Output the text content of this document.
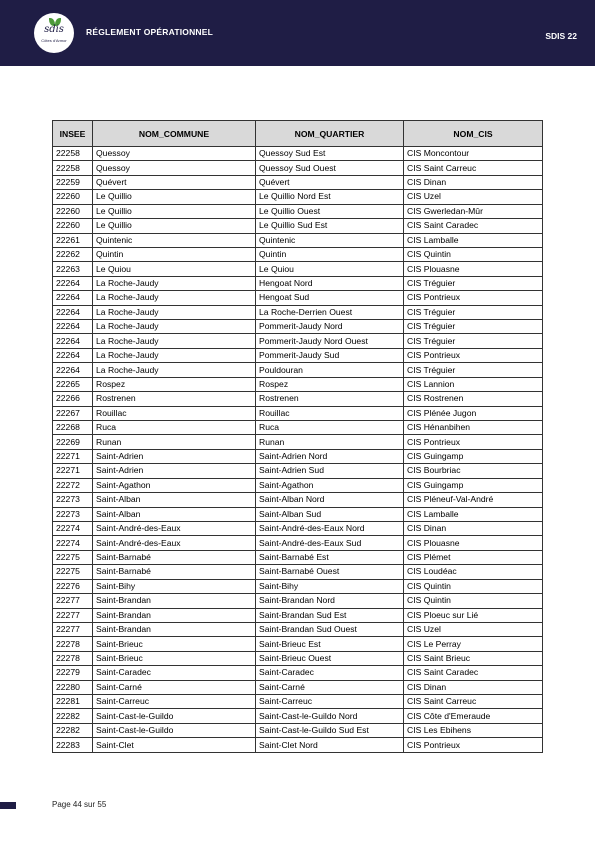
sdis
Côtes d'Armor
RÉGLEMENT OPÉRATIONNEL	SDIS 22
INSEE	NOM_COMMUNE	NOM_QUARTIER	NOM_CIS
22258	Quessoy	Quessoy Sud Est	CIS Moncontour
22258	Quessoy	Quessoy Sud Ouest	CIS Saint Carreuc
22259	Quévert	Quévert	CIS Dinan
22260	Le Quillio	Le Quillio Nord Est	CIS Uzel
22260	Le Quillio	Le Quillio Ouest	CIS Gwerledan-Mûr
22260	Le Quillio	Le Quillio Sud Est	CIS Saint Caradec
22261	Quintenic	Quintenic	CIS Lamballe
22262	Quintin	Quintin	CIS Quintin
22263	Le Quiou	Le Quiou	CIS Plouasne
22264	La Roche-Jaudy	Hengoat Nord	CIS Tréguier
22264	La Roche-Jaudy	Hengoat Sud	CIS Pontrieux
22264	La Roche-Jaudy	La Roche-Derrien Ouest	CIS Tréguier
22264	La Roche-Jaudy	Pommerit-Jaudy Nord	CIS Tréguier
22264	La Roche-Jaudy	Pommerit-Jaudy Nord Ouest	CIS Tréguier
22264	La Roche-Jaudy	Pommerit-Jaudy Sud	CIS Pontrieux
22264	La Roche-Jaudy	Pouldouran	CIS Tréguier
22265	Rospez	Rospez	CIS Lannion
22266	Rostrenen	Rostrenen	CIS Rostrenen
22267	Rouillac	Rouillac	CIS Plénée Jugon
22268	Ruca	Ruca	CIS Hénanbihen
22269	Runan	Runan	CIS Pontrieux
22271	Saint-Adrien	Saint-Adrien Nord	CIS Guingamp
22271	Saint-Adrien	Saint-Adrien Sud	CIS Bourbriac
22272	Saint-Agathon	Saint-Agathon	CIS Guingamp
22273	Saint-Alban	Saint-Alban Nord	CIS Pléneuf-Val-André
22273	Saint-Alban	Saint-Alban Sud	CIS Lamballe
22274	Saint-André-des-Eaux	Saint-André-des-Eaux Nord	CIS Dinan
22274	Saint-André-des-Eaux	Saint-André-des-Eaux Sud	CIS Plouasne
22275	Saint-Barnabé	Saint-Barnabé Est	CIS Plémet
22275	Saint-Barnabé	Saint-Barnabé Ouest	CIS Loudéac
22276	Saint-Bihy	Saint-Bihy	CIS Quintin
22277	Saint-Brandan	Saint-Brandan Nord	CIS Quintin
22277	Saint-Brandan	Saint-Brandan Sud Est	CIS Ploeuc sur Lié
22277	Saint-Brandan	Saint-Brandan Sud Ouest	CIS Uzel
22278	Saint-Brieuc	Saint-Brieuc Est	CIS Le Perray
22278	Saint-Brieuc	Saint-Brieuc Ouest	CIS Saint Brieuc
22279	Saint-Caradec	Saint-Caradec	CIS Saint Caradec
22280	Saint-Carné	Saint-Carné	CIS Dinan
22281	Saint-Carreuc	Saint-Carreuc	CIS Saint Carreuc
22282	Saint-Cast-le-Guildo	Saint-Cast-le-Guildo Nord	CIS Côte d'Emeraude
22282	Saint-Cast-le-Guildo	Saint-Cast-le-Guildo Sud Est	CIS Les Ebihens
22283	Saint-Clet	Saint-Clet Nord	CIS Pontrieux
Page 44 sur 55
